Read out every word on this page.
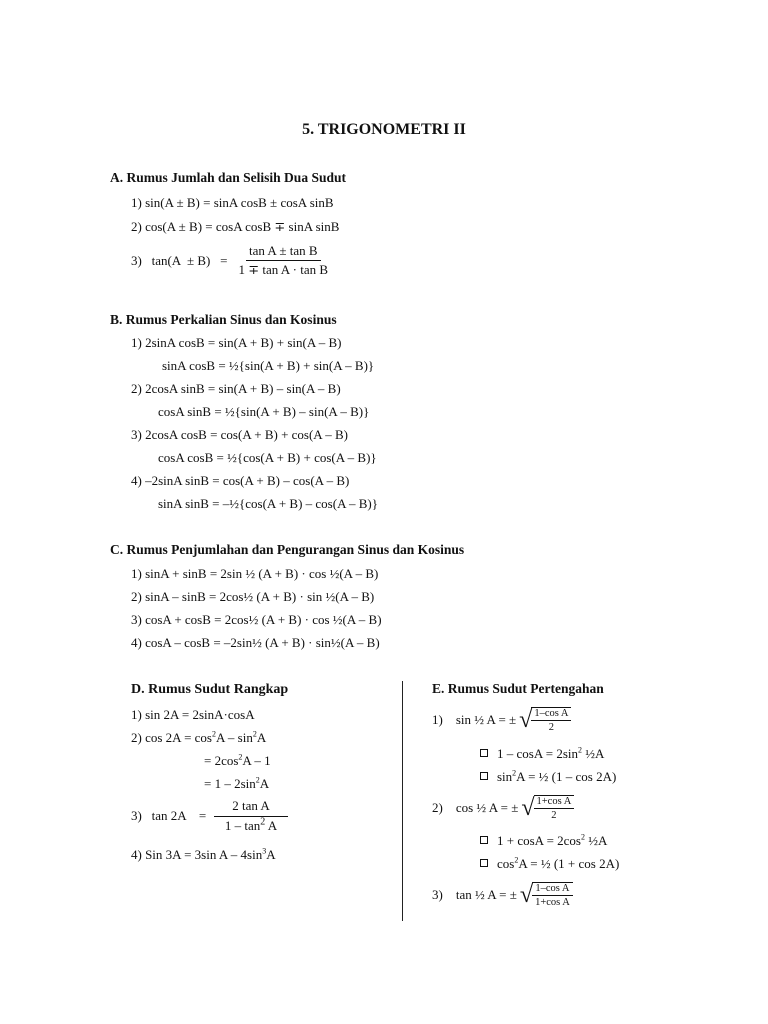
5. TRIGONOMETRI II
A. Rumus Jumlah dan Selisih Dua Sudut
1) sin(A ± B) = sinA cosB ± cosA sinB
2) cos(A ± B) = cosA cosB ∓ sinA sinB
3)   $\tan(A \pm B) = \frac{\text{tan A ± tan B}}{\text{1 ∓ tan A · tan B}}$
B. Rumus Perkalian Sinus dan Kosinus
1) 2sinA cosB = sin(A + B) + sin(A – B)
sinA cosB = ½{sin(A + B) + sin(A – B)}
2) 2cosA sinB = sin(A + B) – sin(A – B)
cosA sinB = ½{sin(A + B) – sin(A – B)}
3) 2cosA cosB = cos(A + B) + cos(A – B)
cosA cosB = ½{cos(A + B) + cos(A – B)}
4) –2sinA sinB = cos(A + B) – cos(A – B)
sinA sinB = –½{cos(A + B) – cos(A – B)}
C. Rumus Penjumlahan dan Pengurangan Sinus dan Kosinus
1) sinA + sinB = 2sin ½ (A + B) · cos ½(A – B)
2) sinA – sinB = 2cos½ (A + B) · sin ½(A – B)
3) cosA + cosB = 2cos½ (A + B) · cos ½(A – B)
4) cosA – cosB = –2sin½ (A + B) · sin½(A – B)
D. Rumus Sudut Rangkap
1) sin 2A = 2sinA·cosA
2) $\cos 2A = \cos^2A - \sin^2A$
= $2\cos^2A - 1$
= $1 - 2\sin^2A$
3)   tan 2A    = $\frac{\text{2 tan A}}{1 - \tan^2 A}$
4) Sin 3A = 3sin A – $4\sin^3A$
E. Rumus Sudut Pertengahan
1)    sin ½ A = ± √ $\frac{\text{1–cos A}}{2}$
$1 - \cos A = 2\sin^2$ ½A
$\sin^2A$ = ½ (1 – cos 2A)
2)    cos ½ A = ± √ $\frac{\text{1+cos A}}{2}$
$1 + \cos A = 2\cos^2$ ½A
$\cos^2A$ = ½ (1 + cos 2A)
3)    tan ½ A = ± √ $\frac{\text{1–cos A}}{\text{1+cos A}}$
